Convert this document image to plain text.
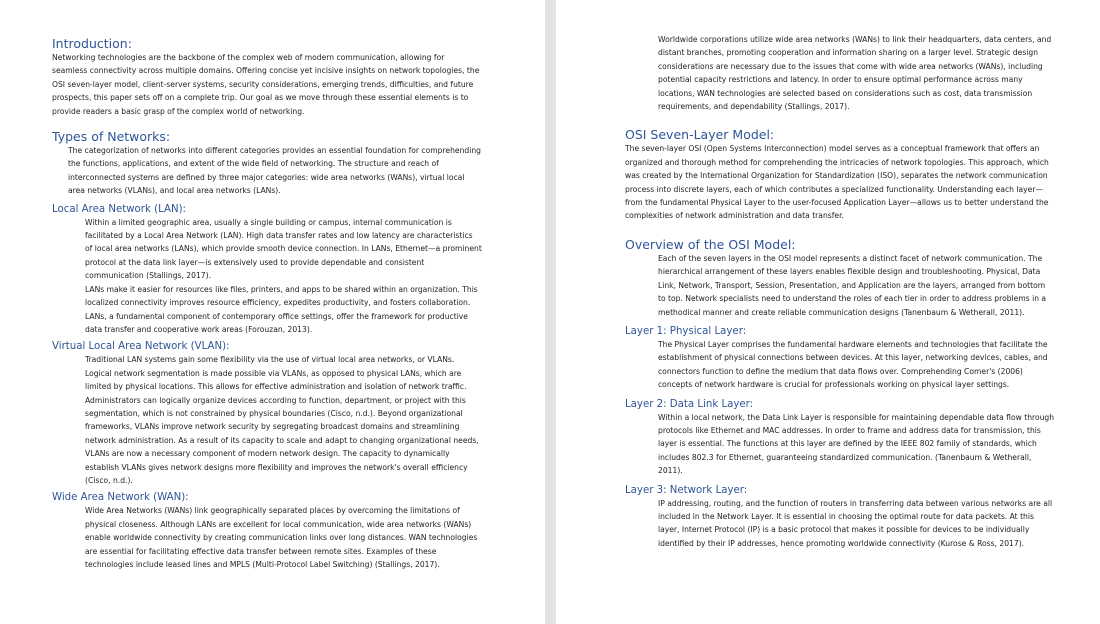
Introduction:
Networking technologies are the backbone of the complex web of modern communication, allowing for seamless connectivity across multiple domains. Offering concise yet incisive insights on network topologies, the OSI seven-layer model, client-server systems, security considerations, emerging trends, difficulties, and future prospects, this paper sets off on a complete trip. Our goal as we move through these essential elements is to provide readers a basic grasp of the complex world of networking.
Types of Networks:
The categorization of networks into different categories provides an essential foundation for comprehending the functions, applications, and extent of the wide field of networking. The structure and reach of interconnected systems are defined by three major categories: wide area networks (WANs), virtual local area networks (VLANs), and local area networks (LANs).
Local Area Network (LAN):
Within a limited geographic area, usually a single building or campus, internal communication is facilitated by a Local Area Network (LAN). High data transfer rates and low latency are characteristics of local area networks (LANs), which provide smooth device connection. In LANs, Ethernet—a prominent protocol at the data link layer—is extensively used to provide dependable and consistent communication (Stallings, 2017).
LANs make it easier for resources like files, printers, and apps to be shared within an organization. This localized connectivity improves resource efficiency, expedites productivity, and fosters collaboration. LANs, a fundamental component of contemporary office settings, offer the framework for productive data transfer and cooperative work areas (Forouzan, 2013).
Virtual Local Area Network (VLAN):
Traditional LAN systems gain some flexibility via the use of virtual local area networks, or VLANs. Logical network segmentation is made possible via VLANs, as opposed to physical LANs, which are limited by physical locations. This allows for effective administration and isolation of network traffic. Administrators can logically organize devices according to function, department, or project with this segmentation, which is not constrained by physical boundaries (Cisco, n.d.). Beyond organizational frameworks, VLANs improve network security by segregating broadcast domains and streamlining network administration. As a result of its capacity to scale and adapt to changing organizational needs, VLANs are now a necessary component of modern network design. The capacity to dynamically establish VLANs gives network designs more flexibility and improves the network's overall efficiency (Cisco, n.d.).
Wide Area Network (WAN):
Wide Area Networks (WANs) link geographically separated places by overcoming the limitations of physical closeness. Although LANs are excellent for local communication, wide area networks (WANs) enable worldwide connectivity by creating communication links over long distances. WAN technologies are essential for facilitating effective data transfer between remote sites. Examples of these technologies include leased lines and MPLS (Multi-Protocol Label Switching) (Stallings, 2017).
Worldwide corporations utilize wide area networks (WANs) to link their headquarters, data centers, and distant branches, promoting cooperation and information sharing on a larger level. Strategic design considerations are necessary due to the issues that come with wide area networks (WANs), including potential capacity restrictions and latency. In order to ensure optimal performance across many locations, WAN technologies are selected based on considerations such as cost, data transmission requirements, and dependability (Stallings, 2017).
OSI Seven-Layer Model:
The seven-layer OSI (Open Systems Interconnection) model serves as a conceptual framework that offers an organized and thorough method for comprehending the intricacies of network topologies. This approach, which was created by the International Organization for Standardization (ISO), separates the network communication process into discrete layers, each of which contributes a specialized functionality. Understanding each layer—from the fundamental Physical Layer to the user-focused Application Layer—allows us to better understand the complexities of network administration and data transfer.
Overview of the OSI Model:
Each of the seven layers in the OSI model represents a distinct facet of network communication. The hierarchical arrangement of these layers enables flexible design and troubleshooting. Physical, Data Link, Network, Transport, Session, Presentation, and Application are the layers, arranged from bottom to top. Network specialists need to understand the roles of each tier in order to address problems in a methodical manner and create reliable communication designs (Tanenbaum & Wetherall, 2011).
Layer 1: Physical Layer:
The Physical Layer comprises the fundamental hardware elements and technologies that facilitate the establishment of physical connections between devices. At this layer, networking devices, cables, and connectors function to define the medium that data flows over. Comprehending Comer's (2006) concepts of network hardware is crucial for professionals working on physical layer settings.
Layer 2: Data Link Layer:
Within a local network, the Data Link Layer is responsible for maintaining dependable data flow through protocols like Ethernet and MAC addresses. In order to frame and address data for transmission, this layer is essential. The functions at this layer are defined by the IEEE 802 family of standards, which includes 802.3 for Ethernet, guaranteeing standardized communication. (Tanenbaum & Wetherall, 2011).
Layer 3: Network Layer:
IP addressing, routing, and the function of routers in transferring data between various networks are all included in the Network Layer. It is essential in choosing the optimal route for data packets. At this layer, Internet Protocol (IP) is a basic protocol that makes it possible for devices to be individually identified by their IP addresses, hence promoting worldwide connectivity (Kurose & Ross, 2017).
